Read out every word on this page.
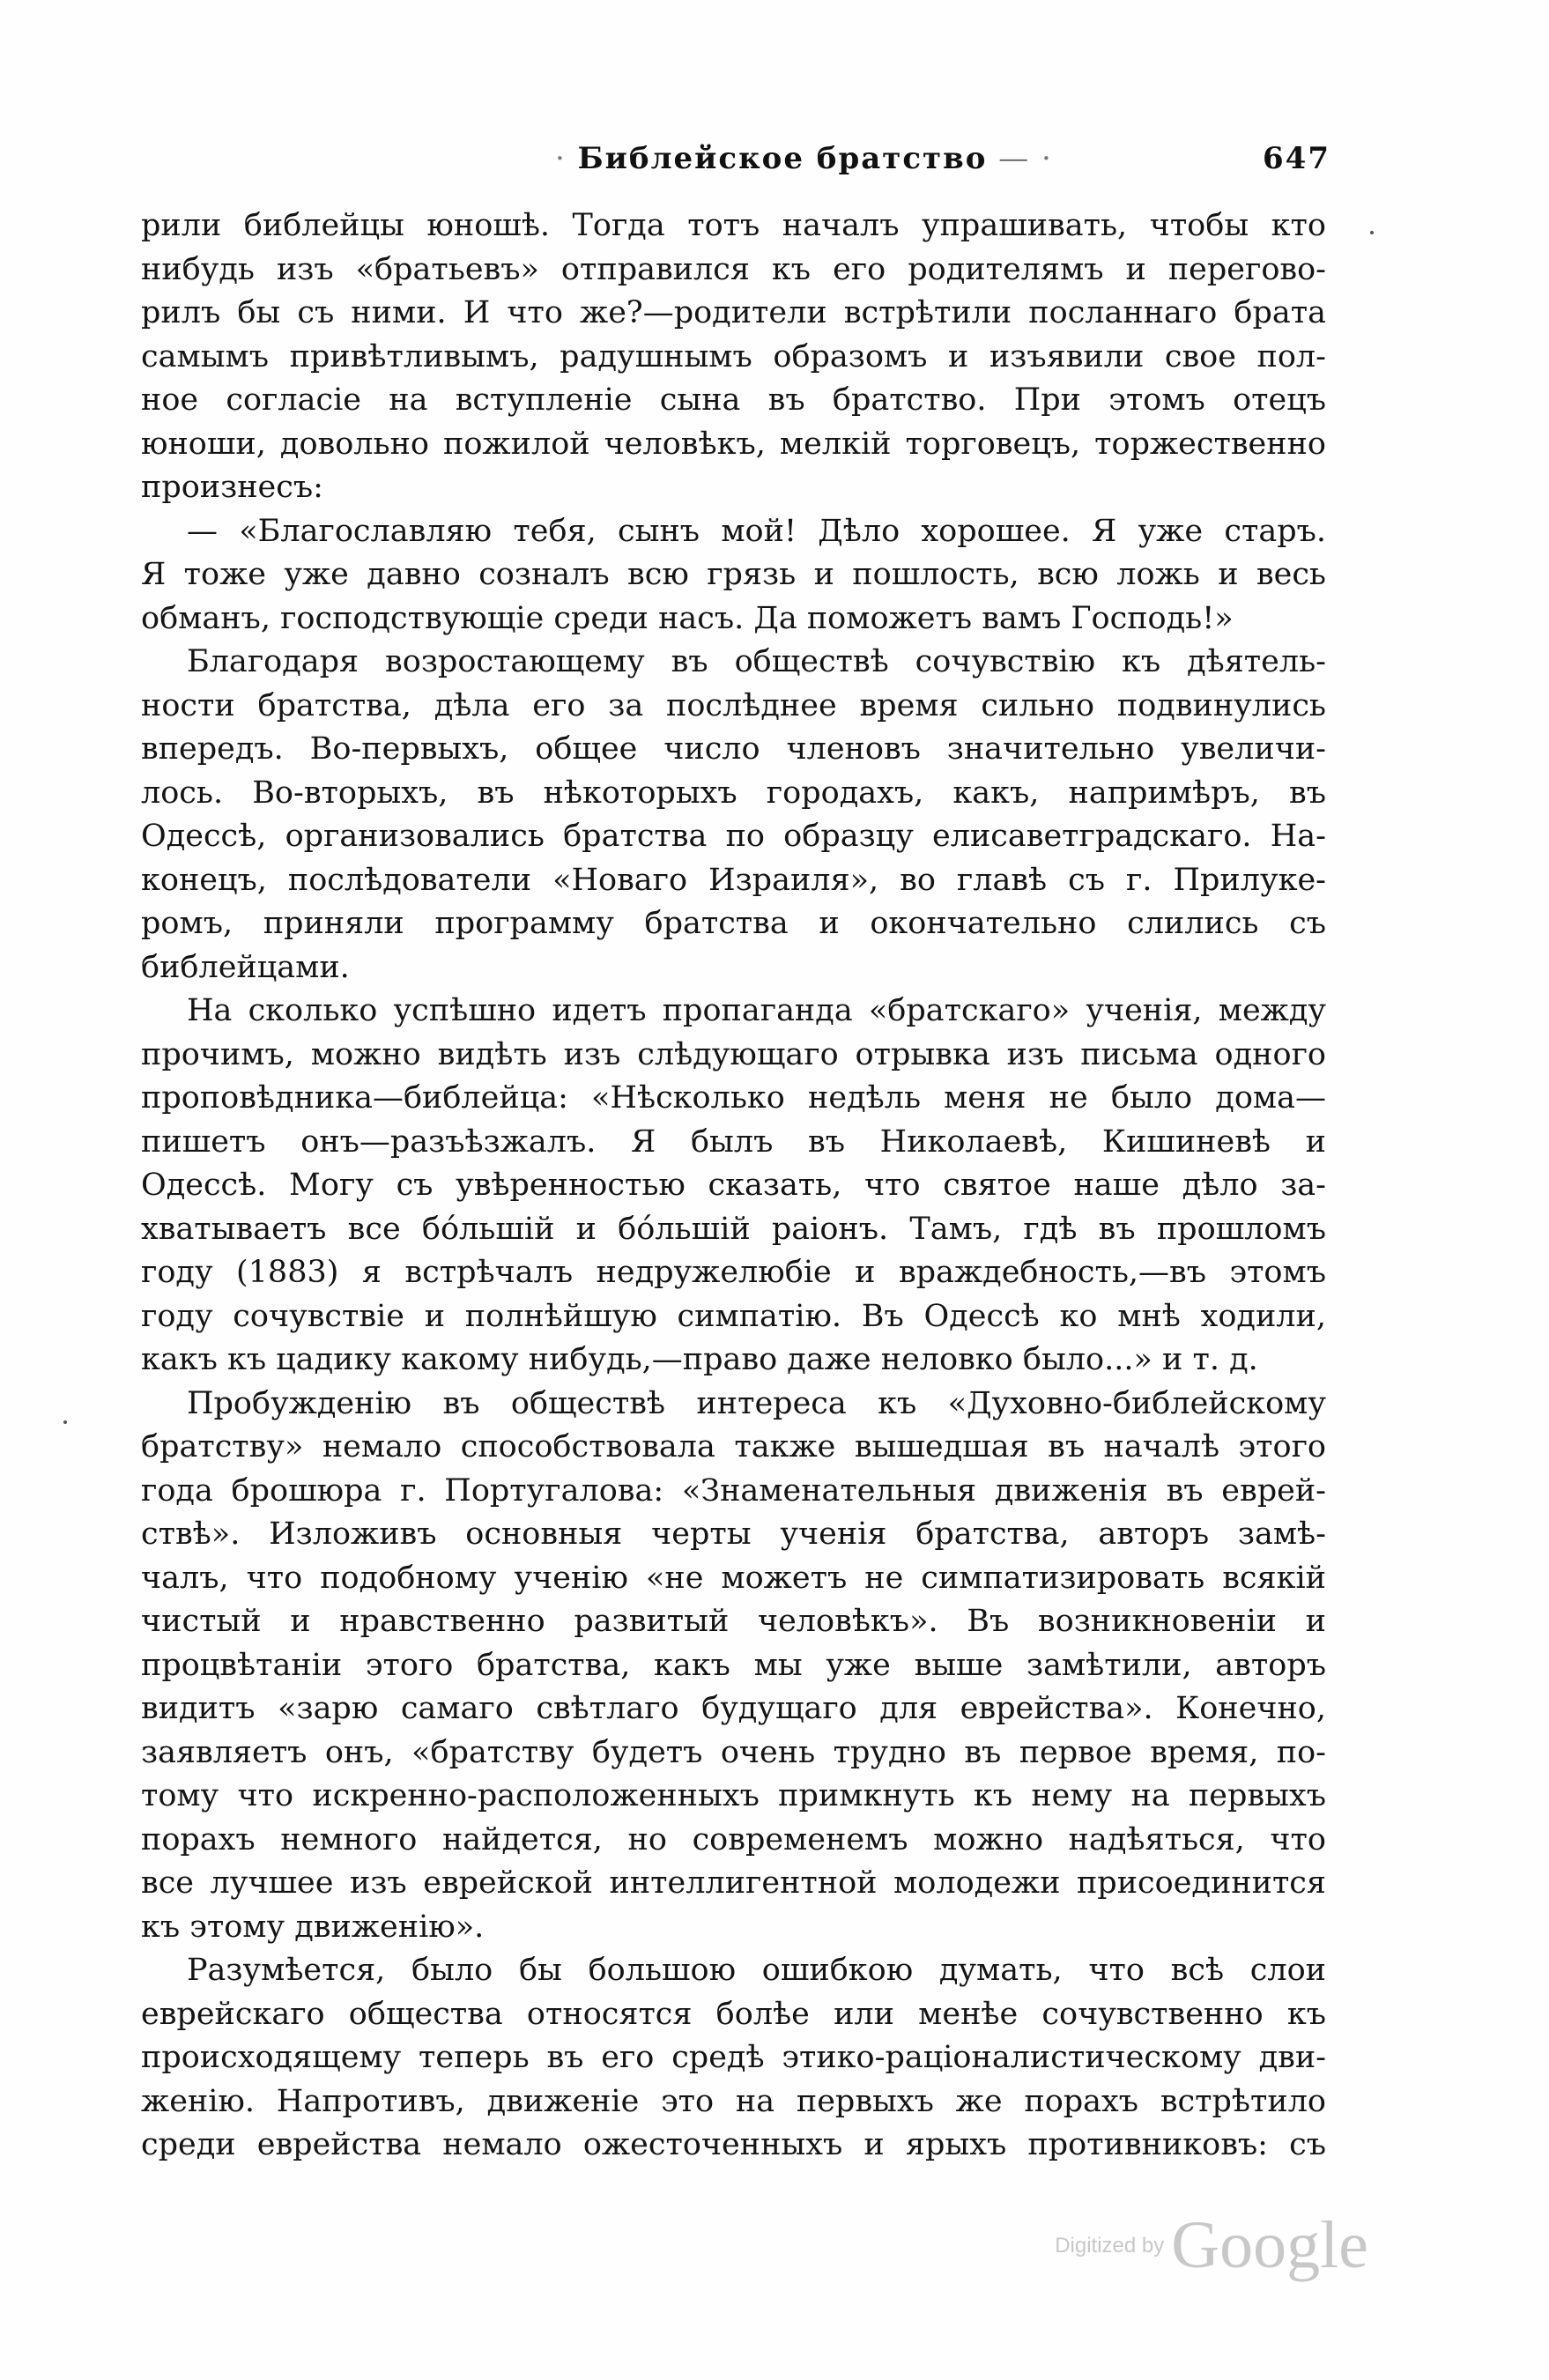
· Библейское братство — ·	647

рили библейцы юношѣ. Тогда тотъ началъ упрашивать, чтобы кто

нибудь изъ «братьевъ» отправился къ его родителямъ и перегово-

рилъ бы съ ними. И что же?—родители встрѣтили посланнаго брата

самымъ привѣтливымъ, радушнымъ образомъ и изъявили свое пол-

ное согласіе на вступленіе сына въ братство. При этомъ отецъ

юноши, довольно пожилой человѣкъ, мелкій торговецъ, торжественно

произнесъ:

— «Благославляю тебя, сынъ мой! Дѣло хорошее. Я уже старъ.

Я тоже уже давно созналъ всю грязь и пошлость, всю ложь и весь

обманъ, господствующіе среди насъ. Да поможетъ вамъ Господь!»

Благодаря возростающему въ обществѣ сочувствію къ дѣятель-

ности братства, дѣла его за послѣднее время сильно подвинулись

впередъ. Во-первыхъ, общее число членовъ значительно увеличи-

лось. Во-вторыхъ, въ нѣкоторыхъ городахъ, какъ, напримѣръ, въ

Одессѣ, организовались братства по образцу елисаветградскаго. На-

конецъ, послѣдователи «Новаго Израиля», во главѣ съ г. Прилуке-

ромъ, приняли программу братства и окончательно слились съ

библейцами.

На сколько успѣшно идетъ пропаганда «братскаго» ученія, между

прочимъ, можно видѣть изъ слѣдующаго отрывка изъ письма одного

проповѣдника—библейца: «Нѣсколько недѣль меня не было дома—

пишетъ онъ—разъѣзжалъ. Я былъ въ Николаевѣ, Кишиневѣ и

Одессѣ. Могу съ увѣренностью сказать, что святое наше дѣло за-

хватываетъ все бóльшій и бóльшій раіонъ. Тамъ, гдѣ въ прошломъ

году (1883) я встрѣчалъ недружелюбіе и враждебность,—въ этомъ

году сочувствіе и полнѣйшую симпатію. Въ Одессѣ ко мнѣ ходили,

какъ къ цадику какому нибудь,—право даже неловко было...» и т. д.

Пробужденію въ обществѣ интереса къ «Духовно-библейскому

братству» немало способствовала также вышедшая въ началѣ этого

года брошюра г. Португалова: «Знаменательныя движенія въ еврей-

ствѣ». Изложивъ основныя черты ученія братства, авторъ замѣ-

чалъ, что подобному ученію «не можетъ не симпатизировать всякій

чистый и нравственно развитый человѣкъ». Въ возникновеніи и

процвѣтаніи этого братства, какъ мы уже выше замѣтили, авторъ

видитъ «зарю самаго свѣтлаго будущаго для еврейства». Конечно,

заявляетъ онъ, «братству будетъ очень трудно въ первое время, по-

тому что искренно-расположенныхъ примкнуть къ нему на первыхъ

порахъ немного найдется, но современемъ можно надѣяться, что

все лучшее изъ еврейской интеллигентной молодежи присоединится

къ этому движенію».

Разумѣется, было бы большою ошибкою думать, что всѣ слои

еврейскаго общества относятся болѣе или менѣе сочувственно къ

происходящему теперь въ его средѣ этико-раціоналистическому дви-

женію. Напротивъ, движеніе это на первыхъ же порахъ встрѣтило

среди еврейства немало ожесточенныхъ и ярыхъ противниковъ: съ

Digitized by Google
